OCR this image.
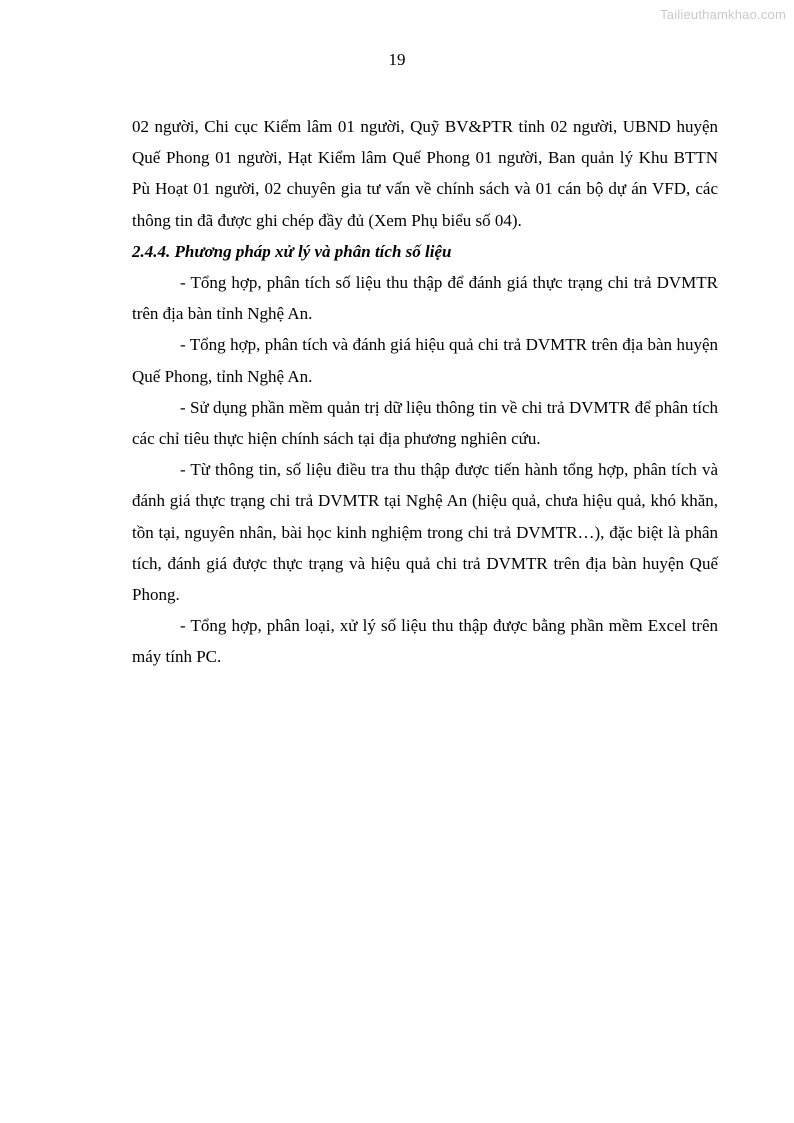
Tailieuthamkhao.com
19

02 người, Chi cục Kiểm lâm 01 người, Quỹ BV&PTR tỉnh 02 người, UBND huyện Quế Phong 01 người, Hạt Kiểm lâm Quế Phong 01 người, Ban quản lý Khu BTTN Pù Hoạt 01 người, 02 chuyên gia tư vấn về chính sách và 01 cán bộ dự án VFD, các thông tin đã được ghi chép đầy đủ (Xem Phụ biểu số 04).

2.4.4. Phương pháp xử lý và phân tích số liệu

- Tổng hợp, phân tích số liệu thu thập để đánh giá thực trạng chi trả DVMTR trên địa bàn tỉnh Nghệ An.

- Tổng hợp, phân tích và đánh giá hiệu quả chi trả DVMTR trên địa bàn huyện Quế Phong, tỉnh Nghệ An.

- Sử dụng phần mềm quản trị dữ liệu thông tin về chi trả DVMTR để phân tích các chỉ tiêu thực hiện chính sách tại địa phương nghiên cứu.

- Từ thông tin, số liệu điều tra thu thập được tiến hành tổng hợp, phân tích và đánh giá thực trạng chi trả DVMTR tại Nghệ An (hiệu quả, chưa hiệu quả, khó khăn, tồn tại, nguyên nhân, bài học kinh nghiệm trong chi trả DVMTR…), đặc biệt là phân tích, đánh giá được thực trạng và hiệu quả chi trả DVMTR trên địa bàn huyện Quế Phong.

- Tổng hợp, phân loại, xử lý số liệu thu thập được bằng phần mềm Excel trên máy tính PC.
